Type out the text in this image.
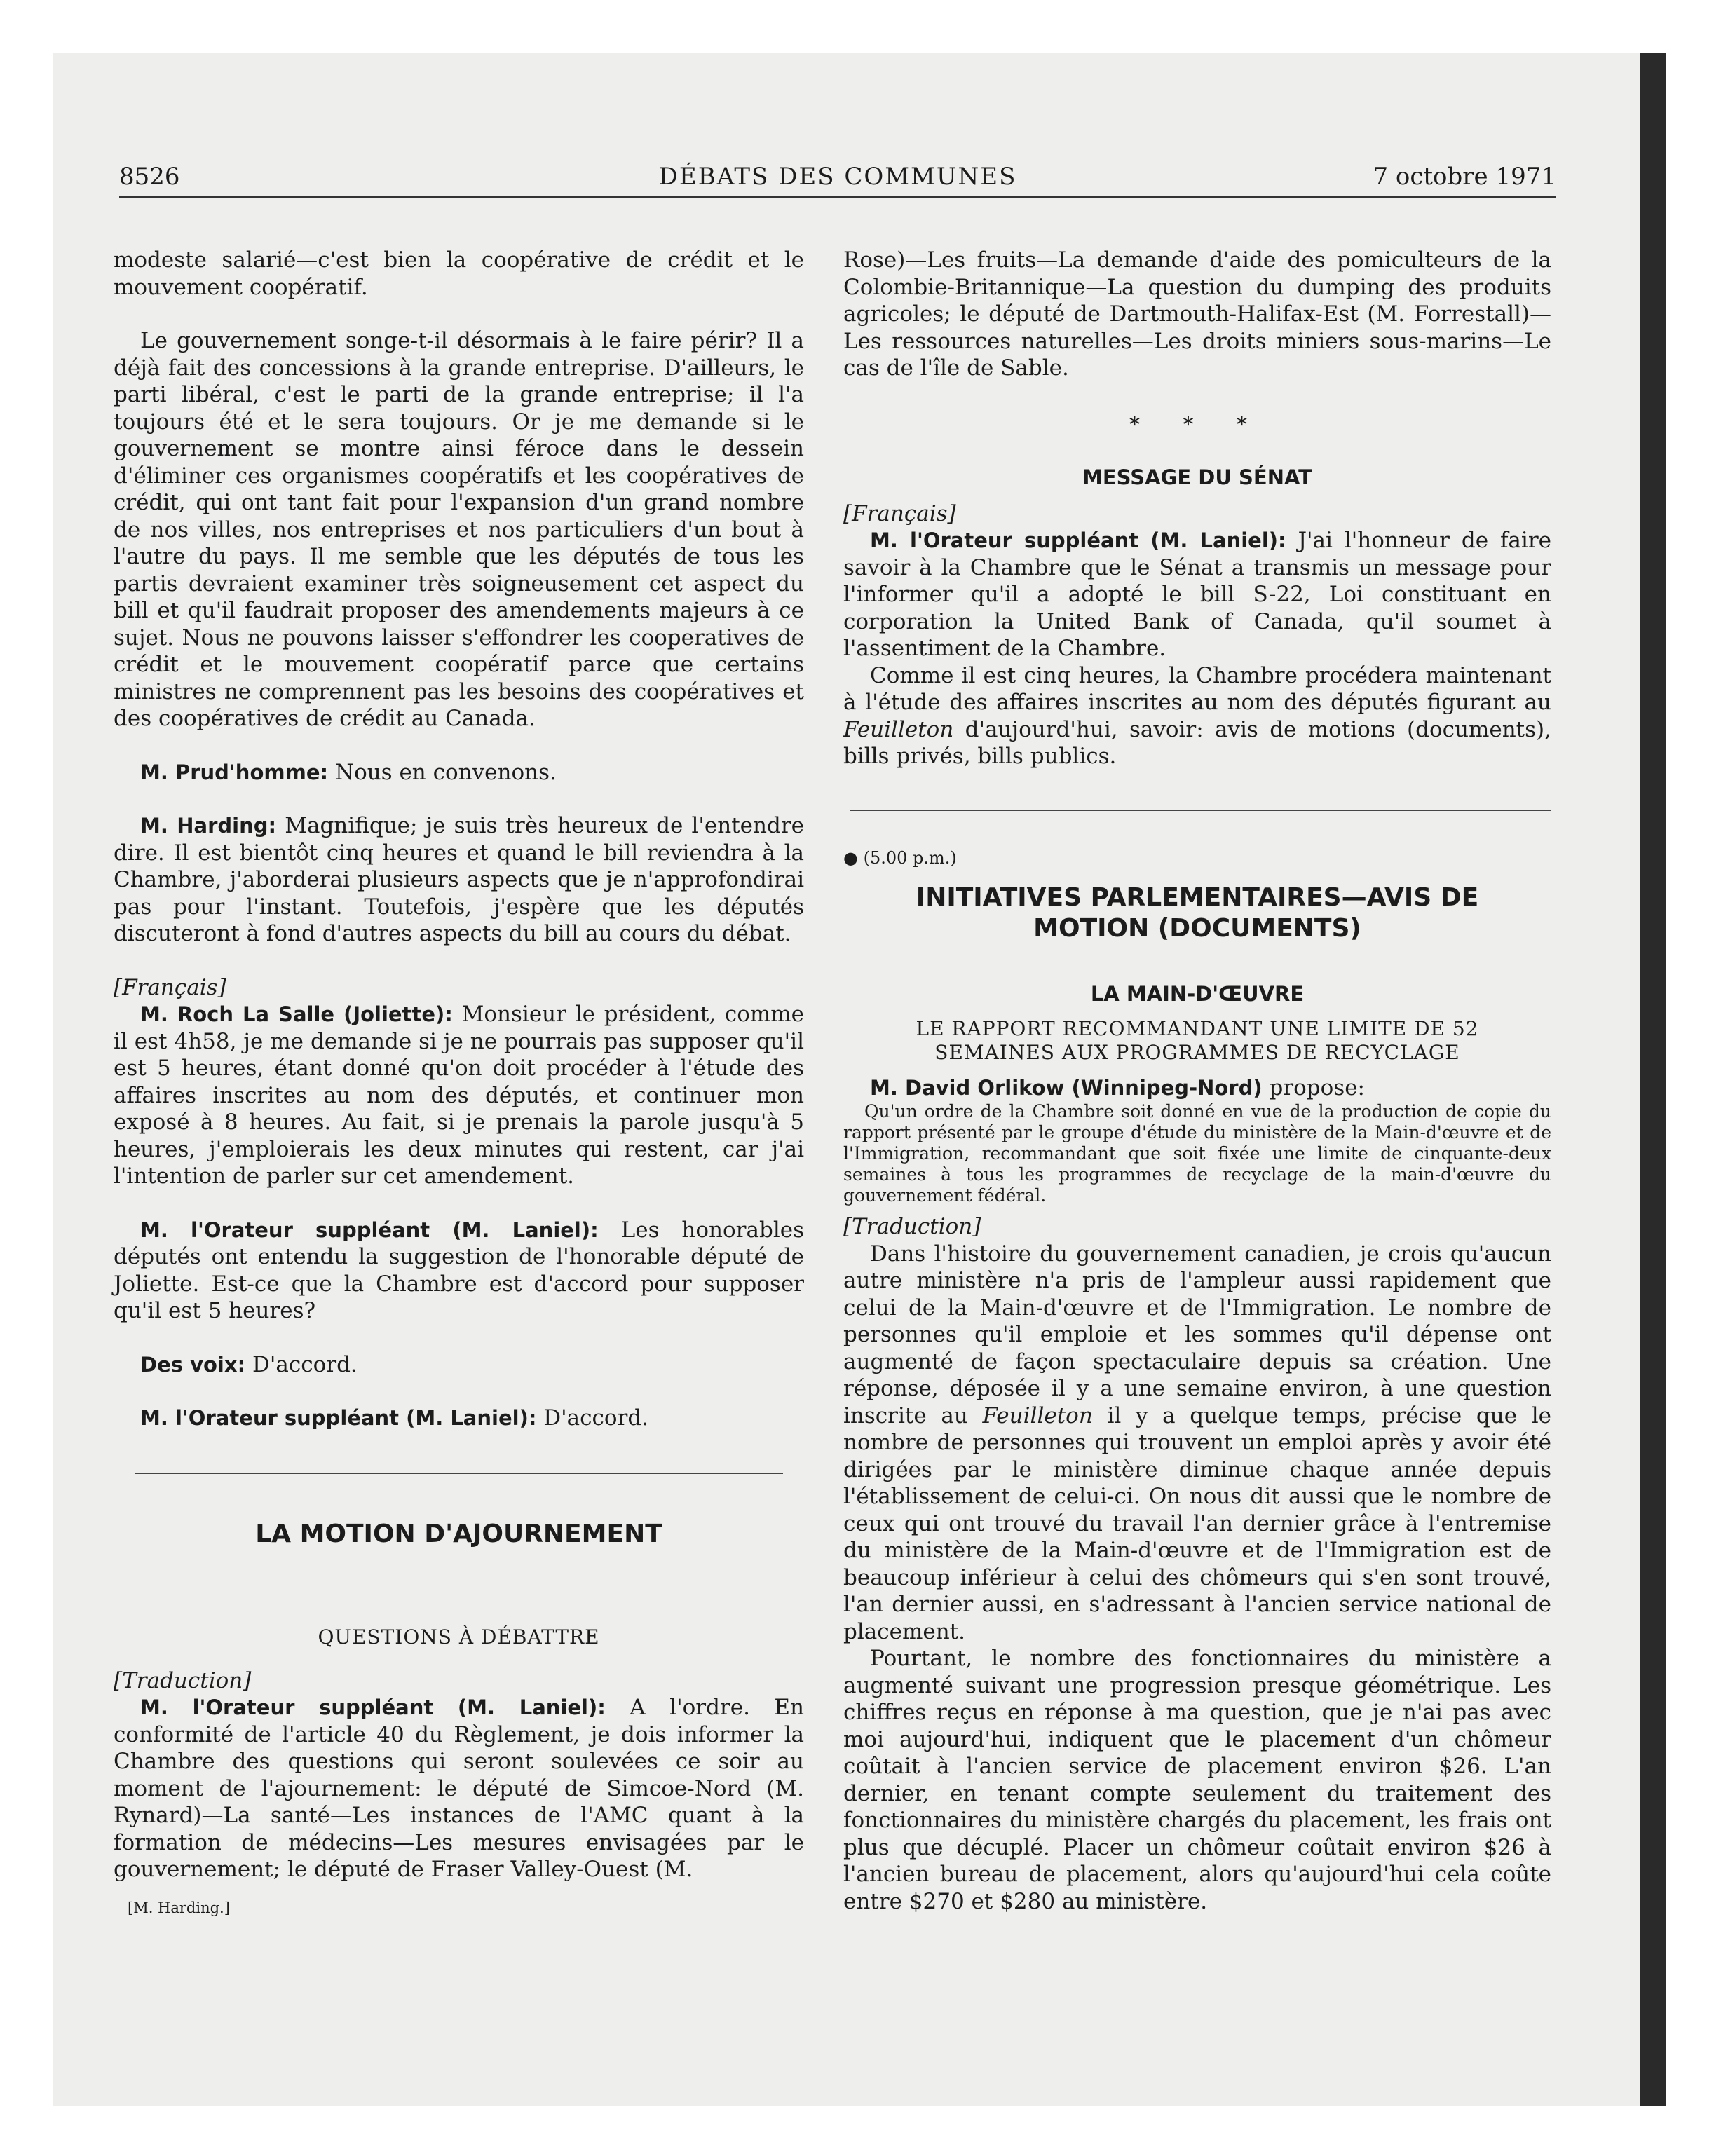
8526	DÉBATS DES COMMUNES	7 octobre 1971

modeste salarié—c'est bien la coopérative de crédit et le mouvement coopératif.

Le gouvernement songe-t-il désormais à le faire périr? Il a déjà fait des concessions à la grande entreprise. D'ailleurs, le parti libéral, c'est le parti de la grande entreprise; il l'a toujours été et le sera toujours. Or je me demande si le gouvernement se montre ainsi féroce dans le dessein d'éliminer ces organismes coopératifs et les coopératives de crédit, qui ont tant fait pour l'expansion d'un grand nombre de nos villes, nos entreprises et nos particuliers d'un bout à l'autre du pays. Il me semble que les députés de tous les partis devraient examiner très soigneusement cet aspect du bill et qu'il faudrait proposer des amendements majeurs à ce sujet. Nous ne pouvons laisser s'effondrer les cooperatives de crédit et le mouvement coopératif parce que certains ministres ne comprennent pas les besoins des coopératives et des coopératives de crédit au Canada.

M. Prud'homme: Nous en convenons.

M. Harding: Magnifique; je suis très heureux de l'entendre dire. Il est bientôt cinq heures et quand le bill reviendra à la Chambre, j'aborderai plusieurs aspects que je n'approfondirai pas pour l'instant. Toutefois, j'espère que les députés discuteront à fond d'autres aspects du bill au cours du débat.

[Français]

M. Roch La Salle (Joliette): Monsieur le président, comme il est 4h58, je me demande si je ne pourrais pas supposer qu'il est 5 heures, étant donné qu'on doit procéder à l'étude des affaires inscrites au nom des députés, et continuer mon exposé à 8 heures. Au fait, si je prenais la parole jusqu'à 5 heures, j'emploierais les deux minutes qui restent, car j'ai l'intention de parler sur cet amendement.

M. l'Orateur suppléant (M. Laniel): Les honorables députés ont entendu la suggestion de l'honorable député de Joliette. Est-ce que la Chambre est d'accord pour supposer qu'il est 5 heures?

Des voix: D'accord.

M. l'Orateur suppléant (M. Laniel): D'accord.

LA MOTION D'AJOURNEMENT
QUESTIONS À DÉBATTRE
[Traduction]

M. l'Orateur suppléant (M. Laniel): A l'ordre. En conformité de l'article 40 du Règlement, je dois informer la Chambre des questions qui seront soulevées ce soir au moment de l'ajournement: le député de Simcoe-Nord (M. Rynard)—La santé—Les instances de l'AMC quant à la formation de médecins—Les mesures envisagées par le gouvernement; le député de Fraser Valley-Ouest (M.

[M. Harding.]

Rose)—Les fruits—La demande d'aide des pomiculteurs de la Colombie-Britannique—La question du dumping des produits agricoles; le député de Dartmouth-Halifax-Est (M. Forrestall)—Les ressources naturelles—Les droits miniers sous-marins—Le cas de l'île de Sable.

* * *
MESSAGE DU SÉNAT
[Français]

M. l'Orateur suppléant (M. Laniel): J'ai l'honneur de faire savoir à la Chambre que le Sénat a transmis un message pour l'informer qu'il a adopté le bill S-22, Loi constituant en corporation la United Bank of Canada, qu'il soumet à l'assentiment de la Chambre.

Comme il est cinq heures, la Chambre procédera maintenant à l'étude des affaires inscrites au nom des députés figurant au Feuilleton d'aujourd'hui, savoir: avis de motions (documents), bills privés, bills publics.

● (5.00 p.m.)
INITIATIVES PARLEMENTAIRES—AVIS DE MOTION (DOCUMENTS)
LA MAIN-D'ŒUVRE
LE RAPPORT RECOMMANDANT UNE LIMITE DE 52 SEMAINES AUX PROGRAMMES DE RECYCLAGE

M. David Orlikow (Winnipeg-Nord) propose:

Qu'un ordre de la Chambre soit donné en vue de la production de copie du rapport présenté par le groupe d'étude du ministère de la Main-d'œuvre et de l'Immigration, recommandant que soit fixée une limite de cinquante-deux semaines à tous les programmes de recyclage de la main-d'œuvre du gouvernement fédéral.
[Traduction]

Dans l'histoire du gouvernement canadien, je crois qu'aucun autre ministère n'a pris de l'ampleur aussi rapidement que celui de la Main-d'œuvre et de l'Immigration. Le nombre de personnes qu'il emploie et les sommes qu'il dépense ont augmenté de façon spectaculaire depuis sa création. Une réponse, déposée il y a une semaine environ, à une question inscrite au Feuilleton il y a quelque temps, précise que le nombre de personnes qui trouvent un emploi après y avoir été dirigées par le ministère diminue chaque année depuis l'établissement de celui-ci. On nous dit aussi que le nombre de ceux qui ont trouvé du travail l'an dernier grâce à l'entremise du ministère de la Main-d'œuvre et de l'Immigration est de beaucoup inférieur à celui des chômeurs qui s'en sont trouvé, l'an dernier aussi, en s'adressant à l'ancien service national de placement.

Pourtant, le nombre des fonctionnaires du ministère a augmenté suivant une progression presque géométrique. Les chiffres reçus en réponse à ma question, que je n'ai pas avec moi aujourd'hui, indiquent que le placement d'un chômeur coûtait à l'ancien service de placement environ $26. L'an dernier, en tenant compte seulement du traitement des fonctionnaires du ministère chargés du placement, les frais ont plus que décuplé. Placer un chômeur coûtait environ $26 à l'ancien bureau de placement, alors qu'aujourd'hui cela coûte entre $270 et $280 au ministère.
